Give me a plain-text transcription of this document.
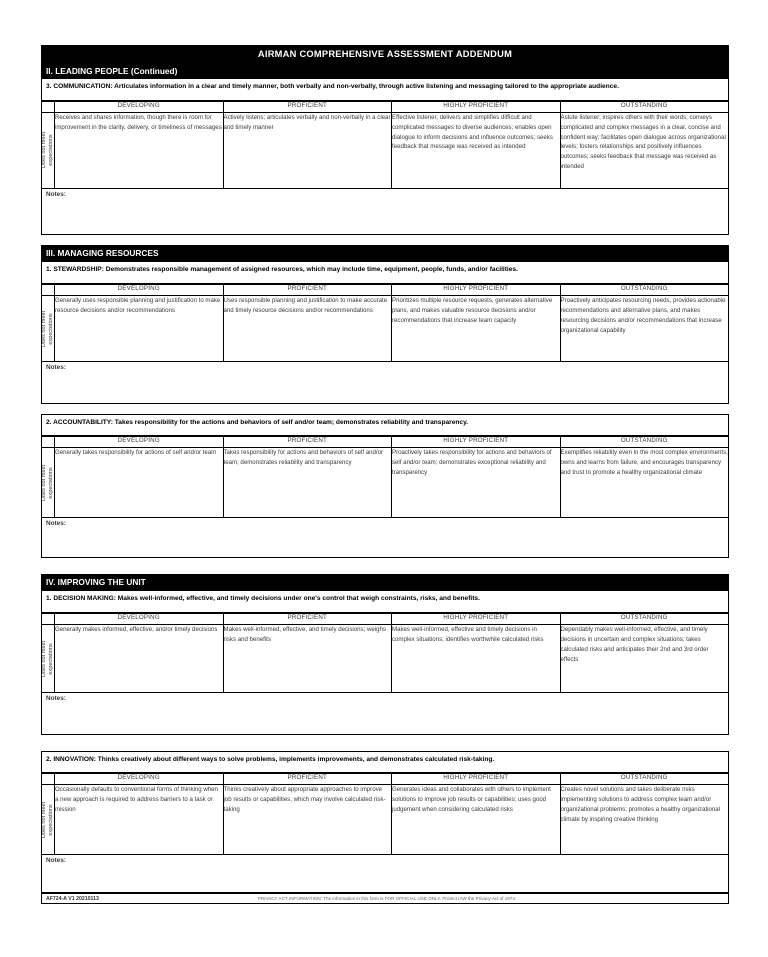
AIRMAN COMPREHENSIVE ASSESSMENT ADDENDUM
II. LEADING PEOPLE (Continued)
3. COMMUNICATION: Articulates information in a clear and timely manner, both verbally and non-verbally, through active listening and messaging tailored to the appropriate audience.
	DEVELOPING	PROFICIENT	HIGHLY PROFICIENT	OUTSTANDING

Does not meet expectations
	Receives and shares information, though there is room for improvement in the clarity, delivery, or timeliness of messages	Actively listens; articulates verbally and non-verbally in a clear and timely manner	Effective listener, delivers and simplifies difficult and complicated messages to diverse audiences; enables open dialogue to inform decisions and influence outcomes; seeks feedback that message was received as intended	Astute listener; inspires others with their words; conveys complicated and complex messages in a clear, concise and confident way; facilitates open dialogue across organizational levels; fosters relationships and positively influences outcomes; seeks feedback that message was received as intended
Notes:
III. MANAGING RESOURCES
1. STEWARDSHIP: Demonstrates responsible management of assigned resources, which may include time, equipment, people, funds, and/or facilities.
	DEVELOPING	PROFICIENT	HIGHLY PROFICIENT	OUTSTANDING

Does not meet expectations	Generally uses responsible planning and justification to make resource decisions and/or recommendations	Uses responsible planning and justification to make accurate and timely resource decisions and/or recommendations	Prioritizes multiple resource requests, generates alternative plans, and makes valuable resource decisions and/or recommendations that increase team capacity	Proactively anticipates resourcing needs, provides actionable recommendations and alternative plans, and makes resourcing decisions and/or recommendations that increase organizational capability
Notes:
2. ACCOUNTABILITY: Takes responsibility for the actions and behaviors of self and/or team; demonstrates reliability and transparency.
	DEVELOPING	PROFICIENT	HIGHLY PROFICIENT	OUTSTANDING

Does not meet expectations	Generally takes responsibility for actions of self and/or team	Takes responsibility for actions and behaviors of self and/or team; demonstrates reliability and transparency	Proactively takes responsibility for actions and behaviors of self and/or team; demonstrates exceptional reliability and transparency	Exemplifies reliability even in the most complex environments, owns and learns from failure, and encourages transparency and trust to promote a healthy organizational climate
Notes:
IV. IMPROVING THE UNIT
1. DECISION MAKING: Makes well-informed, effective, and timely decisions under one's control that weigh constraints, risks, and benefits.
	DEVELOPING	PROFICIENT	HIGHLY PROFICIENT	OUTSTANDING

Does not meet expectations	Generally makes informed, effective, and/or timely decisions	Makes well-informed, effective, and timely decisions; weighs risks and benefits	Makes well-informed, effective and timely decisions in complex situations; identifies worthwhile calculated risks	Dependably makes well-informed, effective, and timely decisions in uncertain and complex situations; takes calculated risks and anticipates their 2nd and 3rd order effects
Notes:
2. INNOVATION: Thinks creatively about different ways to solve problems, implements improvements, and demonstrates calculated risk-taking.
	DEVELOPING	PROFICIENT	HIGHLY PROFICIENT	OUTSTANDING

Does not meet expectations	Occasionally defaults to conventional forms of thinking when a new approach is required to address barriers to a task or mission	Thinks creatively about appropriate approaches to improve job results or capabilities, which may involve calculated risk-taking	Generates ideas and collaborates with others to implement solutions to improve job results or capabilities; uses good judgement when considering calculated risks	Creates novel solutions and takes deliberate risks implementing solutions to address complex team and/or organizational problems; promotes a healthy organizational climate by inspiring creative thinking
Notes:
AF724-A V1 20210113	PRIVACY ACT INFORMATION: The information in this form is FOR OFFICIAL USE ONLY. Protect IAW the Privacy Act of 1974.
